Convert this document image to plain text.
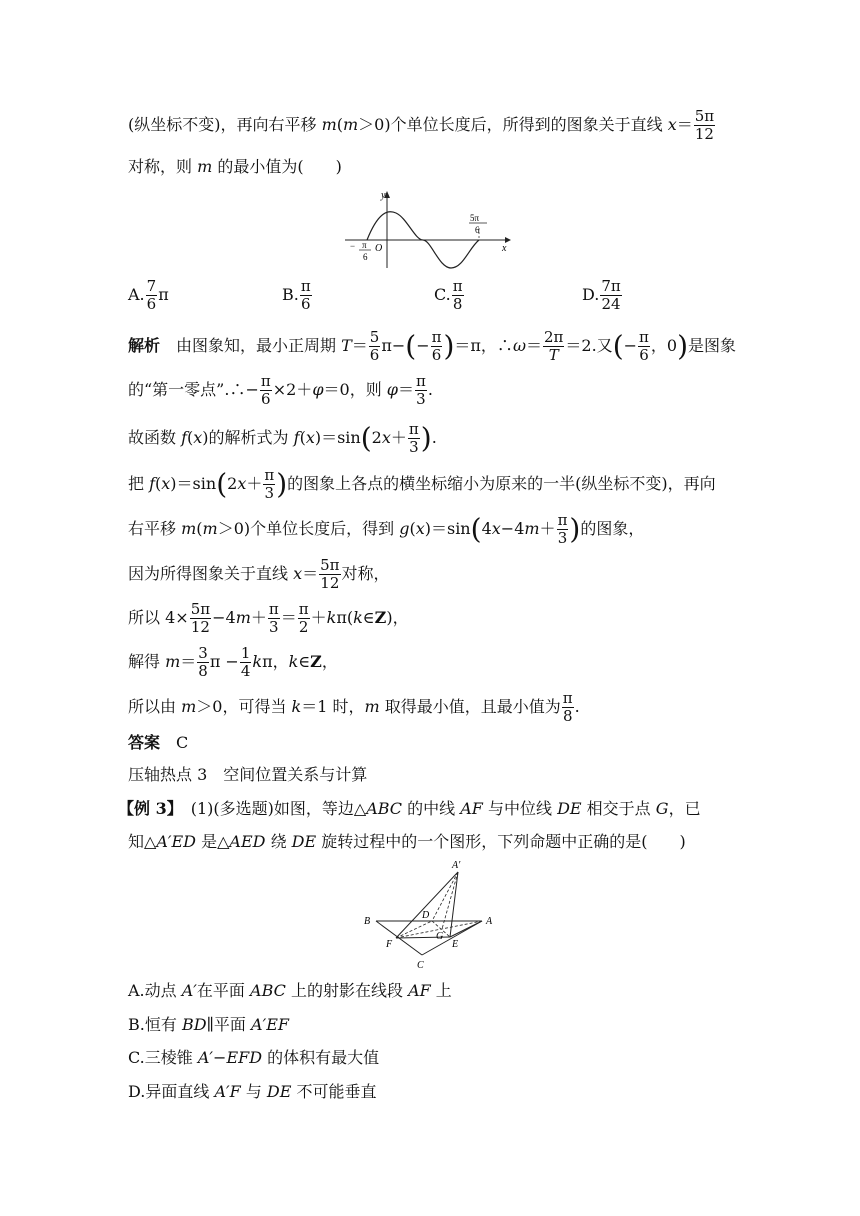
(纵坐标不变)，再向右平移 m(m＞0)个单位长度后，所得到的图象关于直线 $x= \frac{5\pi}{12}$
对称，则 m 的最小值为(　　)
y
O	x
− π
6
5π
6
A. $\frac{7}{6}$ π	B. $\frac{\pi}{6}$	C. $\frac{\pi}{8}$	D. $\frac{7\pi}{24}$
解析　由图象知，最小正周期 $T= \frac{5}{6} \pi-(- \frac{\pi}{6} )=\pi$，∴ω＝ $\frac{2\pi}{T} =2$.又(− $\frac{\pi}{6}$ ，0)是图象
的“第一零点”.∴− $\frac{\pi}{6} \times 2+\varphi=0$，则 $\varphi= \frac{\pi}{3}$ .
故函数 f(x)的解析式为 $f(x)=\sin(2x+ \frac{\pi}{3}$ ).
把 $f(x)=\sin(2x+ \frac{\pi}{3}$ )的图象上各点的横坐标缩小为原来的一半(纵坐标不变)，再向
右平移 m(m＞0)个单位长度后，得到 $g(x)=\sin(4x-4m+ \frac{\pi}{3}$ )的图象，
因为所得图象关于直线 $x= \frac{5\pi}{12}$ 对称，
所以 $4\times \frac{5\pi}{12} -4m+ \frac{\pi}{3} = \frac{\pi}{2}$ ＋kπ(k∈Z)，
解得 $m= \frac{3}{8}$ $\pi - \frac{1}{4}$ kπ，k∈Z，
所以由 m＞0，可得当 k＝1 时，m 取得最小值，且最小值为 $\frac{\pi}{8}$ .
答案　C
压轴热点 3　空间位置关系与计算
【例 3】　(1)(多选题)如图，等边△ABC 的中线 AF 与中位线 DE 相交于点 G，已
知△A′ED 是△AED 绕 DE 旋转过程中的一个图形，下列命题中正确的是(　　)
A′
B	A
D
G
F	E
C
A.动点 A′在平面 ABC 上的射影在线段 AF 上
B.恒有 BD∥平面 A′EF
C.三棱锥 A′−EFD 的体积有最大值
D.异面直线 A′F 与 DE 不可能垂直
